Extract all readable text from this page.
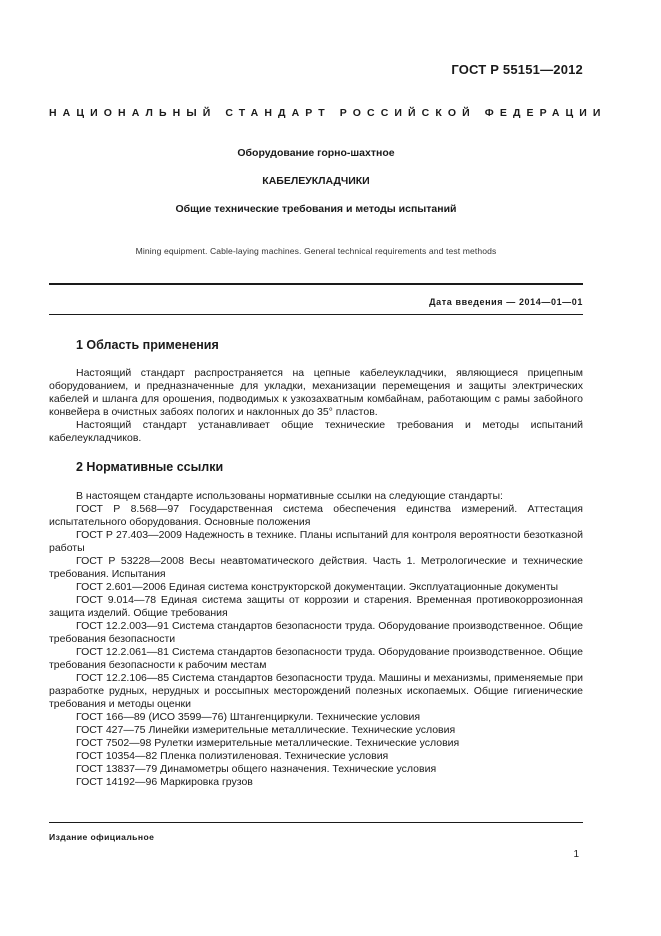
ГОСТ Р 55151—2012
НАЦИОНАЛЬНЫЙ СТАНДАРТ РОССИЙСКОЙ ФЕДЕРАЦИИ
Оборудование горно-шахтное
КАБЕЛЕУКЛАДЧИКИ
Общие технические требования и методы испытаний
Mining equipment. Cable-laying machines. General technical requirements and test methods
Дата введения — 2014—01—01
1 Область применения

Настоящий стандарт распространяется на цепные кабелеукладчики, являющиеся прицепным оборудованием, и предназначенные для укладки, механизации перемещения и защиты электрических кабелей и шланга для орошения, подводимых к узкозахватным комбайнам, работающим с рамы забойного конвейера в очистных забоях пологих и наклонных до 35° пластов.

Настоящий стандарт устанавливает общие технические требования и методы испытаний кабелеукладчиков.

2 Нормативные ссылки

В настоящем стандарте использованы нормативные ссылки на следующие стандарты:

ГОСТ Р 8.568—97 Государственная система обеспечения единства измерений. Аттестация испытательного оборудования. Основные положения
ГОСТ Р 27.403—2009 Надежность в технике. Планы испытаний для контроля вероятности безотказной работы
ГОСТ Р 53228—2008 Весы неавтоматического действия. Часть 1. Метрологические и технические требования. Испытания
ГОСТ 2.601—2006 Единая система конструкторской документации. Эксплуатационные документы
ГОСТ 9.014—78 Единая система защиты от коррозии и старения. Временная противокоррозионная защита изделий. Общие требования
ГОСТ 12.2.003—91 Система стандартов безопасности труда. Оборудование производственное. Общие требования безопасности
ГОСТ 12.2.061—81 Система стандартов безопасности труда. Оборудование производственное. Общие требования безопасности к рабочим местам
ГОСТ 12.2.106—85 Система стандартов безопасности труда. Машины и механизмы, применяемые при разработке рудных, нерудных и россыпных месторождений полезных ископаемых. Общие гигиенические требования и методы оценки
ГОСТ 166—89 (ИСО 3599—76) Штангенциркули. Технические условия
ГОСТ 427—75 Линейки измерительные металлические. Технические условия
ГОСТ 7502—98 Рулетки измерительные металлические. Технические условия
ГОСТ 10354—82 Пленка полиэтиленовая. Технические условия
ГОСТ 13837—79 Динамометры общего назначения. Технические условия
ГОСТ 14192—96 Маркировка грузов
Издание официальное
1
